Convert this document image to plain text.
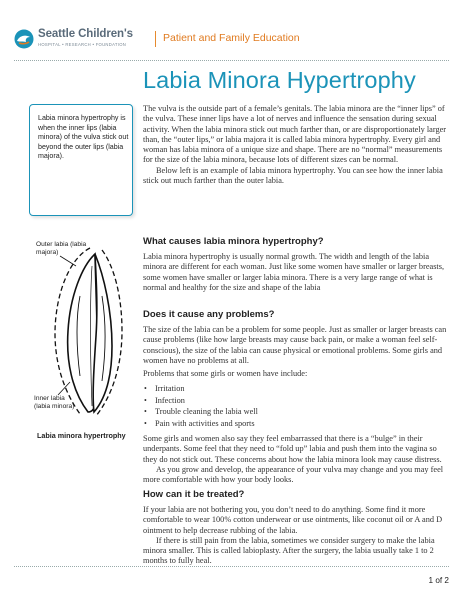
Seattle Children's
HOSPITAL • RESEARCH • FOUNDATION
Patient and Family Education
Labia Minora Hypertrophy
Labia minora hypertrophy is when the inner lips (labia minora) of the vulva stick out beyond the outer lips (labia majora).

The vulva is the outside part of a female’s genitals. The labia minora are the “inner lips” of the vulva. These inner lips have a lot of nerves and influence the sensation during sexual activity. When the labia minora stick out much farther than, or are disproportionately larger than, the “outer lips,” or labia majora it is called labia minora hypertrophy. Every girl and woman has labia minora of a unique size and shape. There are no “normal” measurements for the size of the labia minora, because lots of different sizes can be normal.

Below left is an example of labia minora hypertrophy. You can see how the inner labia stick out much farther than the outer labia.

What causes labia minora hypertrophy?

Labia minora hypertrophy is usually normal growth. The width and length of the labia minora are different for each woman. Just like some women have smaller or larger breasts, some women have smaller or larger labia minora. There is a very large range of what is normal and healthy for the size and shape of the labia

Does it cause any problems?

The size of the labia can be a problem for some people. Just as smaller or larger breasts can cause problems (like how large breasts may cause back pain, or make a woman feel self-conscious), the size of the labia can cause physical or emotional problems. Some girls and women have no problems at all.

Problems that some girls or women have include:

• Irritation
• Infection
• Trouble cleaning the labia well
• Pain with activities and sports

Some girls and women also say they feel embarrassed that there is a “bulge” in their underpants. Some feel that they need to “fold up” labia and push them into the vagina so they do not stick out. These concerns about how the labia minora look may cause distress.

As you grow and develop, the appearance of your vulva may change and you may feel more comfortable with how your body looks.

How can it be treated?

If your labia are not bothering you, you don’t need to do anything. Some find it more comfortable to wear 100% cotton underwear or use ointments, like coconut oil or A and D ointment to help decrease rubbing of the labia.

If there is still pain from the labia, sometimes we consider surgery to make the labia minora smaller. This is called labioplasty. After the surgery, the labia usually take 1 to 2 months to fully heal.

Outer labia (labia majora)
Inner labia (labia minora)
Labia minora hypertrophy
1 of 2
